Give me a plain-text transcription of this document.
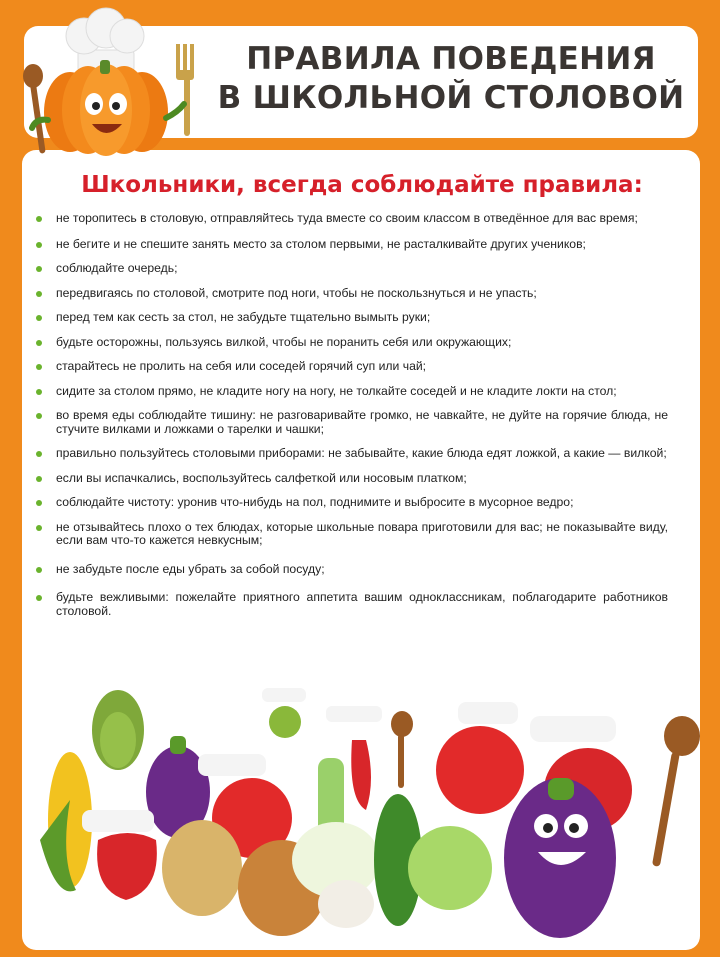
ПРАВИЛА ПОВЕДЕНИЯ
В ШКОЛЬНОЙ СТОЛОВОЙ
Школьники, всегда соблюдайте правила:
не торопитесь в столовую, отправляйтесь туда вместе со своим классом в отведённое для вас время;
не бегите и не спешите занять место за столом первыми, не расталкивайте других учеников;
соблюдайте очередь;
передвигаясь по столовой, смотрите под ноги, чтобы не поскользнуться и не упасть;
перед тем как сесть за стол, не забудьте тщательно вымыть руки;
будьте осторожны, пользуясь вилкой, чтобы не поранить себя или окружающих;
старайтесь не пролить на себя или соседей горячий суп или чай;
сидите за столом прямо, не кладите ногу на ногу, не толкайте соседей и не кладите локти на стол;
во время еды соблюдайте тишину: не разговаривайте громко, не чавкайте, не дуйте на горячие блюда, не стучите вилками и ложками о тарелки и чашки;
правильно пользуйтесь столовыми приборами: не забывайте, какие блюда едят ложкой, а какие — вилкой;
если вы испачкались, воспользуйтесь салфеткой или носовым платком;
соблюдайте чистоту: уронив что-нибудь на пол, поднимите и выбросите в мусорное ведро;
не отзывайтесь плохо о тех блюдах, которые школьные повара приготовили для вас; не показывайте виду, если вам что-то кажется невкусным;
не забудьте после еды убрать за собой посуду;
будьте вежливыми: пожелайте приятного аппетита вашим одноклассникам, поблагодарите работников столовой.
